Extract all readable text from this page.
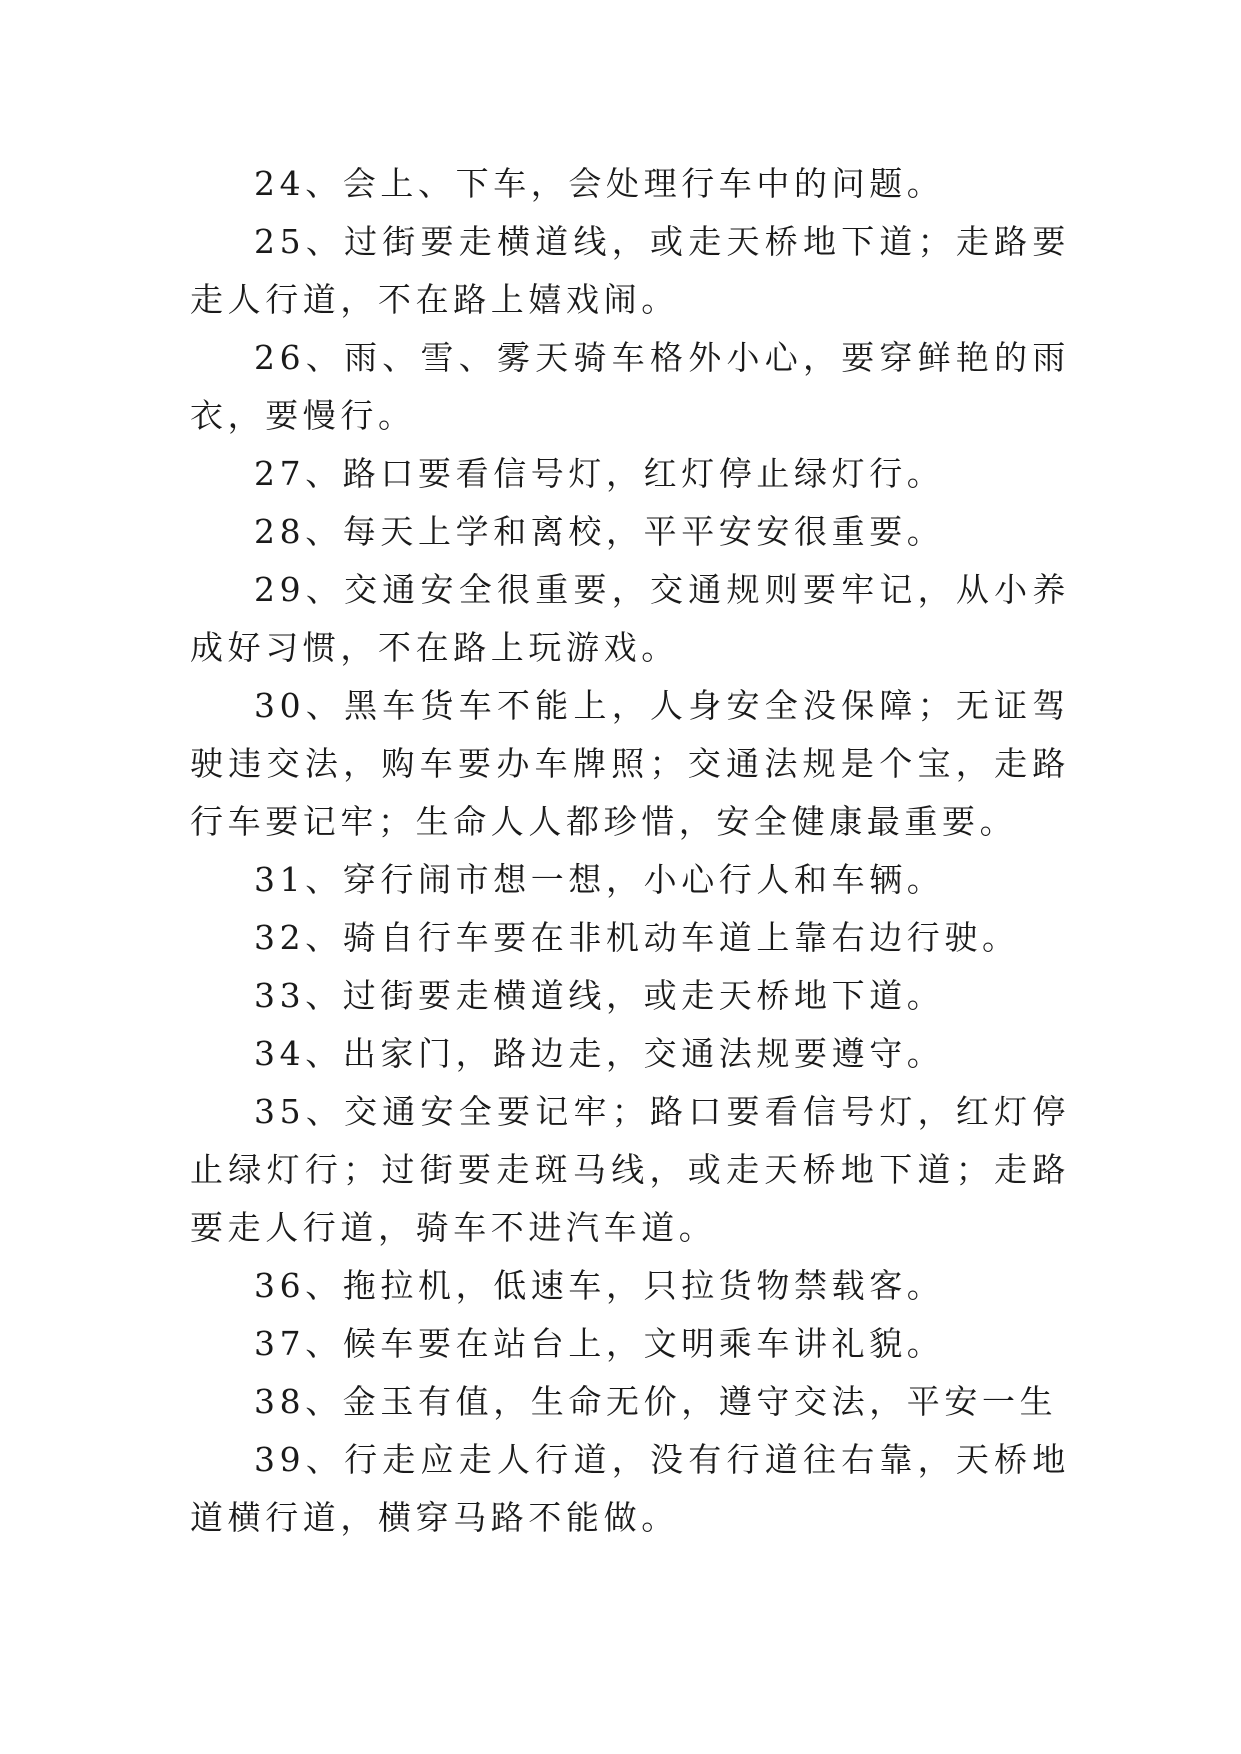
24、会上、下车，会处理行车中的问题。

25、过街要走横道线，或走天桥地下道；走路要走人行道，不在路上嬉戏闹。

26、雨、雪、雾天骑车格外小心，要穿鲜艳的雨衣，要慢行。

27、路口要看信号灯，红灯停止绿灯行。

28、每天上学和离校，平平安安很重要。

29、交通安全很重要，交通规则要牢记，从小养成好习惯，不在路上玩游戏。

30、黑车货车不能上，人身安全没保障；无证驾驶违交法，购车要办车牌照；交通法规是个宝，走路行车要记牢；生命人人都珍惜，安全健康最重要。

31、穿行闹市想一想，小心行人和车辆。

32、骑自行车要在非机动车道上靠右边行驶。

33、过街要走横道线，或走天桥地下道。

34、出家门，路边走，交通法规要遵守。

35、交通安全要记牢；路口要看信号灯，红灯停止绿灯行；过街要走斑马线，或走天桥地下道；走路要走人行道，骑车不进汽车道。

36、拖拉机，低速车，只拉货物禁载客。

37、候车要在站台上，文明乘车讲礼貌。

38、金玉有值，生命无价，遵守交法，平安一生

39、行走应走人行道，没有行道往右靠，天桥地道横行道，横穿马路不能做。
